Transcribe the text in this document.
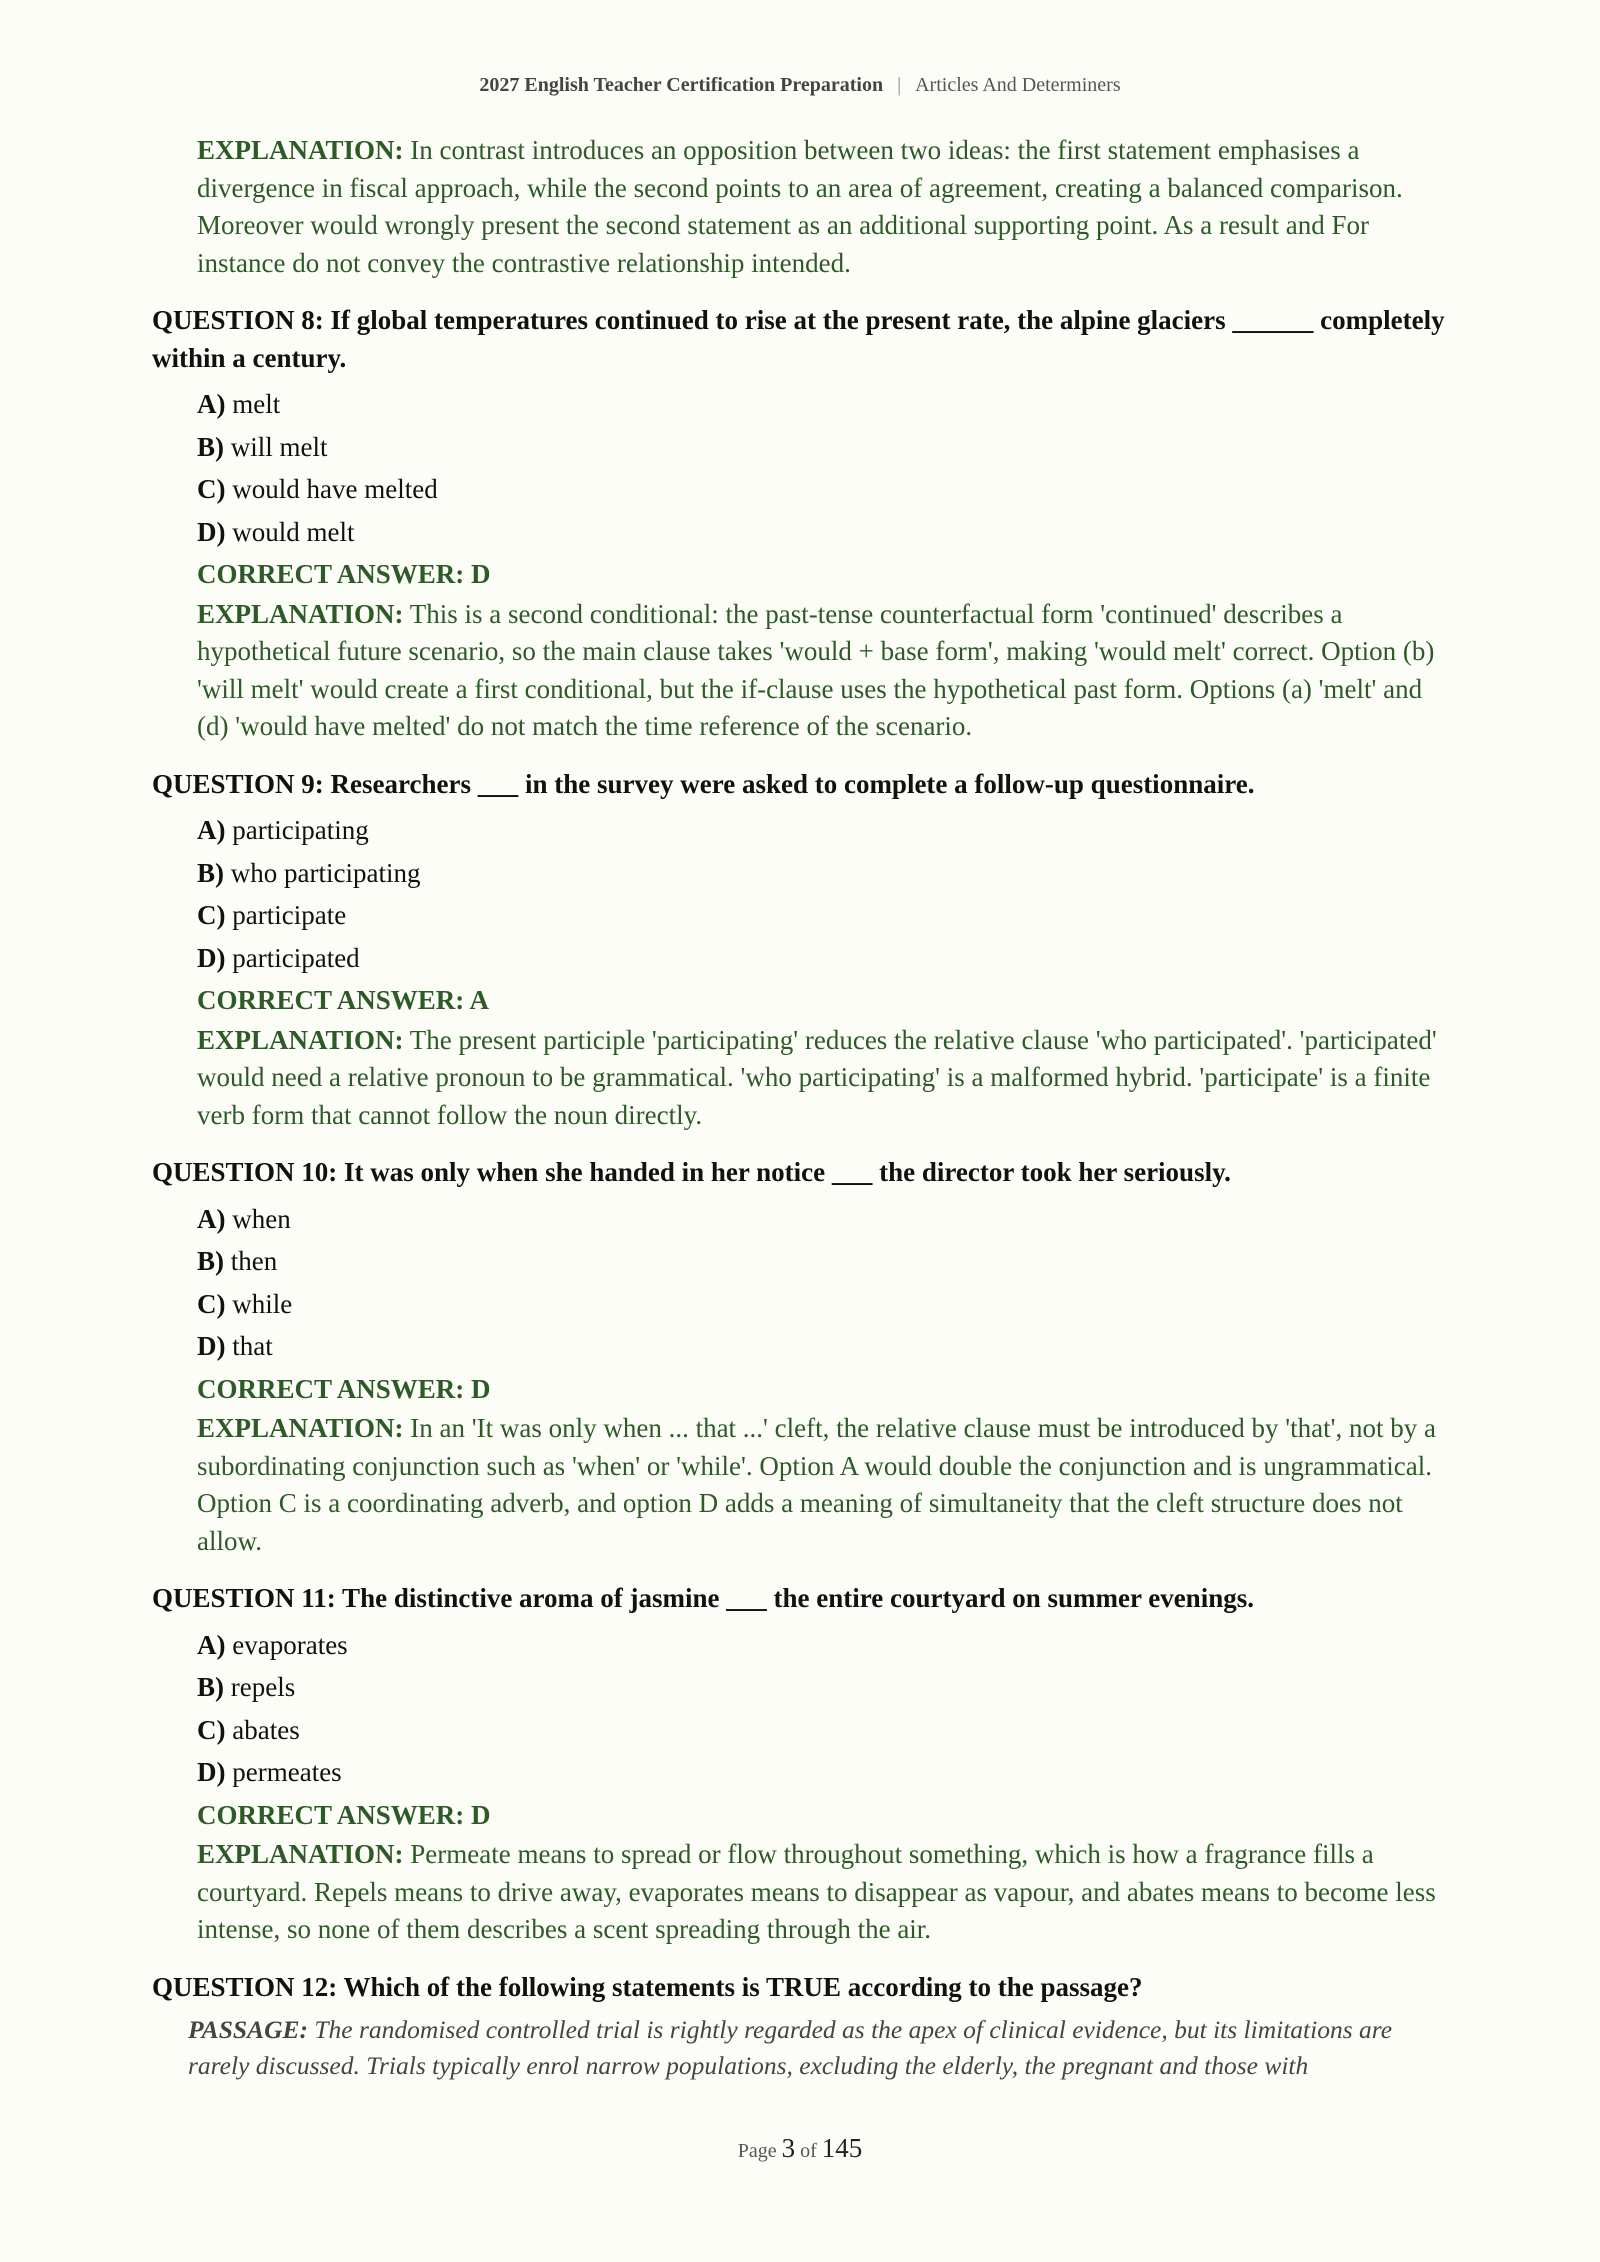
2027 English Teacher Certification Preparation | Articles And Determiners
EXPLANATION: In contrast introduces an opposition between two ideas: the first statement emphasises a divergence in fiscal approach, while the second points to an area of agreement, creating a balanced comparison. Moreover would wrongly present the second statement as an additional supporting point. As a result and For instance do not convey the contrastive relationship intended.
QUESTION 8: If global temperatures continued to rise at the present rate, the alpine glaciers ______ completely within a century.
A) melt
B) will melt
C) would have melted
D) would melt
CORRECT ANSWER: D
EXPLANATION: This is a second conditional: the past-tense counterfactual form 'continued' describes a hypothetical future scenario, so the main clause takes 'would + base form', making 'would melt' correct. Option (b) 'will melt' would create a first conditional, but the if-clause uses the hypothetical past form. Options (a) 'melt' and (d) 'would have melted' do not match the time reference of the scenario.
QUESTION 9: Researchers ___ in the survey were asked to complete a follow-up questionnaire.
A) participating
B) who participating
C) participate
D) participated
CORRECT ANSWER: A
EXPLANATION: The present participle 'participating' reduces the relative clause 'who participated'. 'participated' would need a relative pronoun to be grammatical. 'who participating' is a malformed hybrid. 'participate' is a finite verb form that cannot follow the noun directly.
QUESTION 10: It was only when she handed in her notice ___ the director took her seriously.
A) when
B) then
C) while
D) that
CORRECT ANSWER: D
EXPLANATION: In an 'It was only when ... that ...' cleft, the relative clause must be introduced by 'that', not by a subordinating conjunction such as 'when' or 'while'. Option A would double the conjunction and is ungrammatical. Option C is a coordinating adverb, and option D adds a meaning of simultaneity that the cleft structure does not allow.
QUESTION 11: The distinctive aroma of jasmine ___ the entire courtyard on summer evenings.
A) evaporates
B) repels
C) abates
D) permeates
CORRECT ANSWER: D
EXPLANATION: Permeate means to spread or flow throughout something, which is how a fragrance fills a courtyard. Repels means to drive away, evaporates means to disappear as vapour, and abates means to become less intense, so none of them describes a scent spreading through the air.
QUESTION 12: Which of the following statements is TRUE according to the passage?
PASSAGE: The randomised controlled trial is rightly regarded as the apex of clinical evidence, but its limitations are rarely discussed. Trials typically enrol narrow populations, excluding the elderly, the pregnant and those with
Page 3 of 145
